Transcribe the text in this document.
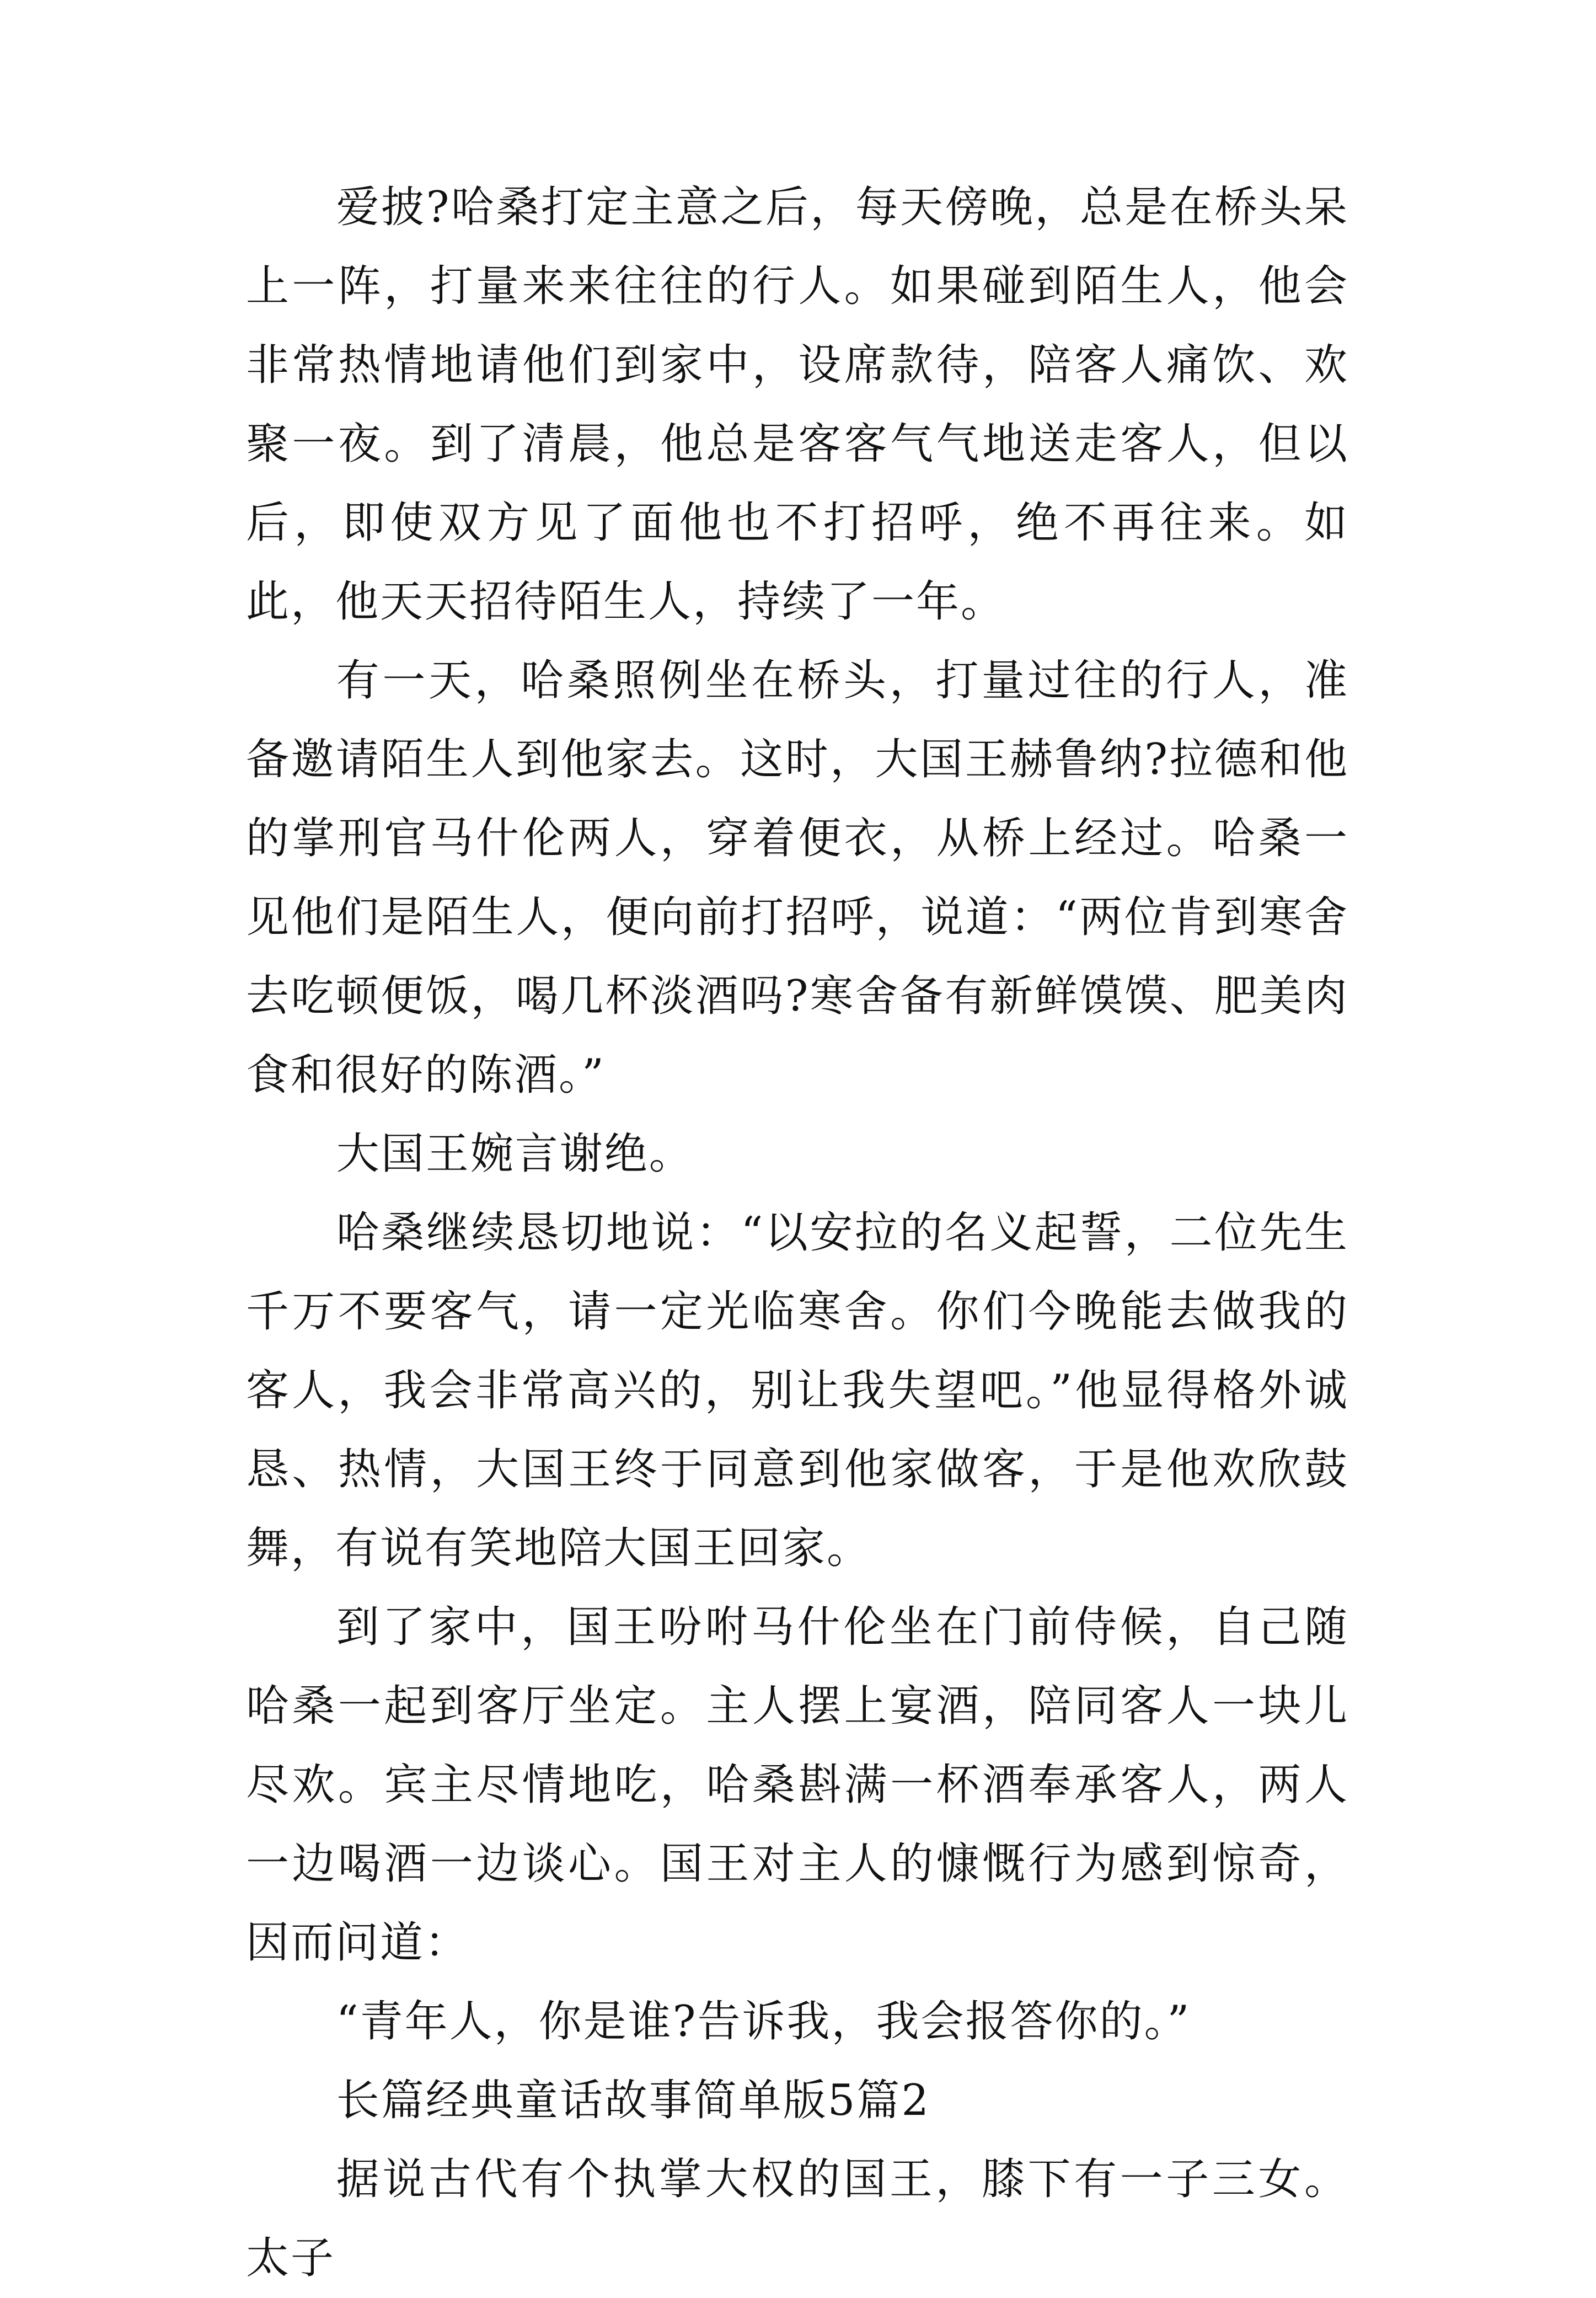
爱披?哈桑打定主意之后，每天傍晚，总是在桥头呆上一阵，打量来来往往的行人。如果碰到陌生人，他会非常热情地请他们到家中，设席款待，陪客人痛饮、欢聚一夜。到了清晨，他总是客客气气地送走客人，但以后，即使双方见了面他也不打招呼，绝不再往来。如此，他天天招待陌生人，持续了一年。

有一天，哈桑照例坐在桥头，打量过往的行人，准备邀请陌生人到他家去。这时，大国王赫鲁纳?拉德和他的掌刑官马什伦两人，穿着便衣，从桥上经过。哈桑一见他们是陌生人，便向前打招呼，说道：“两位肯到寒舍去吃顿便饭，喝几杯淡酒吗?寒舍备有新鲜馍馍、肥美肉食和很好的陈酒。”

大国王婉言谢绝。

哈桑继续恳切地说：“以安拉的名义起誓，二位先生千万不要客气，请一定光临寒舍。你们今晚能去做我的客人，我会非常高兴的，别让我失望吧。”他显得格外诚恳、热情，大国王终于同意到他家做客，于是他欢欣鼓舞，有说有笑地陪大国王回家。

到了家中，国王吩咐马什伦坐在门前侍候，自己随哈桑一起到客厅坐定。主人摆上宴酒，陪同客人一块儿尽欢。宾主尽情地吃，哈桑斟满一杯酒奉承客人，两人一边喝酒一边谈心。国王对主人的慷慨行为感到惊奇，因而问道：

“青年人，你是谁?告诉我，我会报答你的。”

长篇经典童话故事简单版5篇2

据说古代有个执掌大权的国王，膝下有一子三女。太子
